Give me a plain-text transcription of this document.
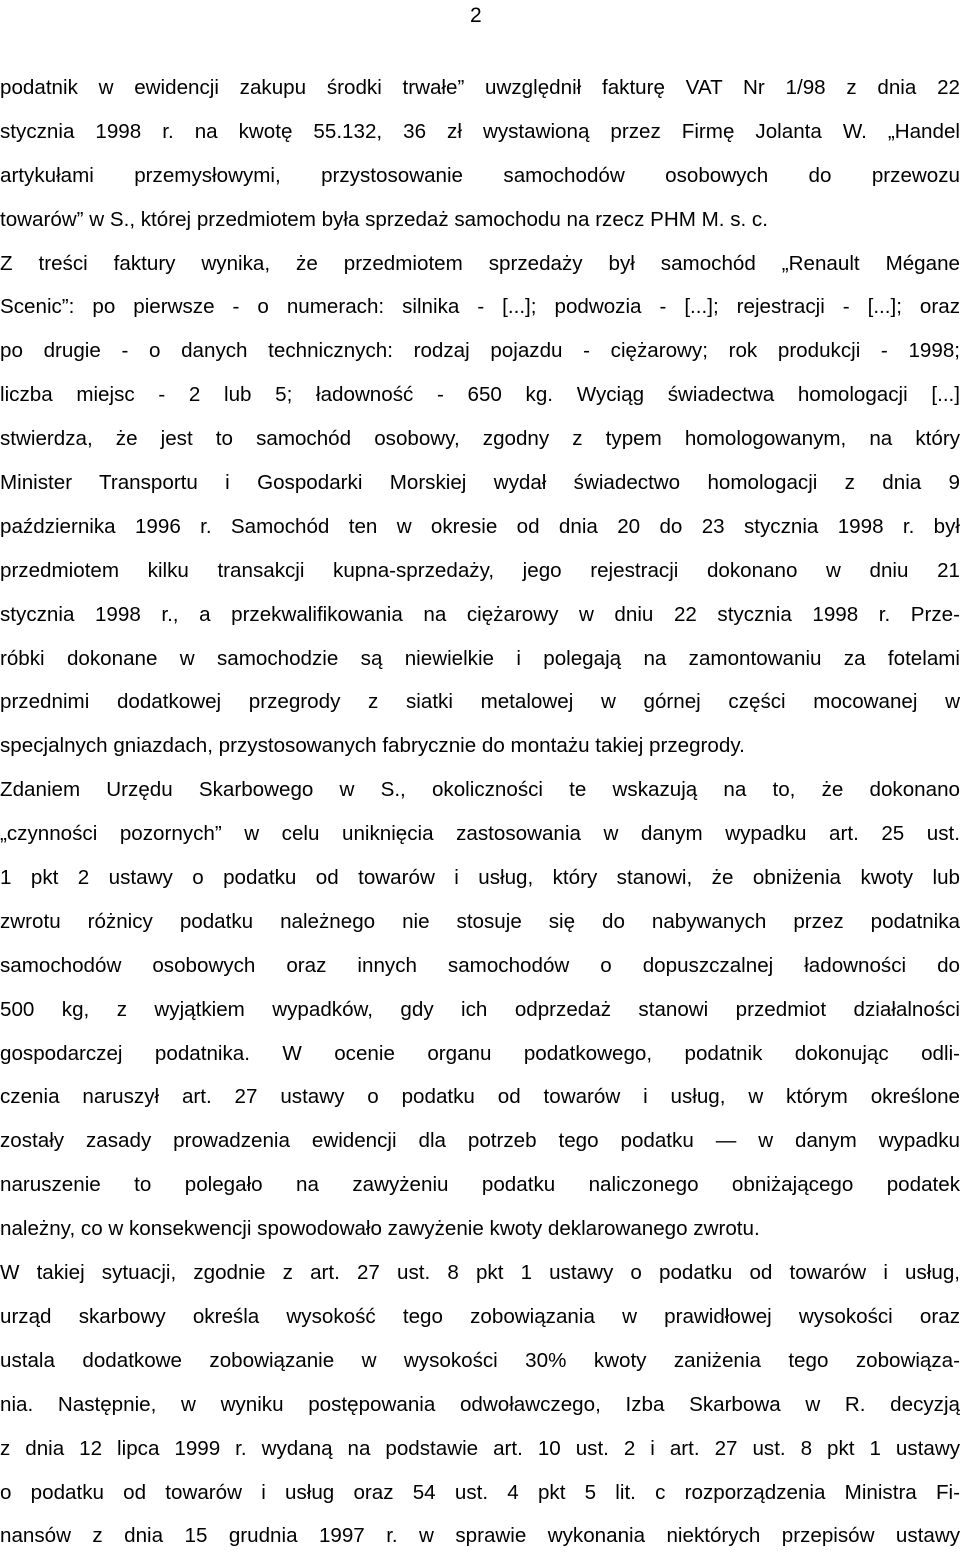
2
podatnik w ewidencji zakupu środki trwałe” uwzględnił fakturę VAT Nr 1/98 z dnia 22
stycznia 1998 r. na kwotę 55.132, 36 zł wystawioną przez Firmę Jolanta W. „Handel
artykułami przemysłowymi, przystosowanie samochodów osobowych do przewozu
towarów” w S., której przedmiotem była sprzedaż samochodu na rzecz PHM M. s. c.
Z treści faktury wynika, że przedmiotem sprzedaży był samochód „Renault Mégane
Scenic”: po pierwsze - o numerach: silnika - [...]; podwozia - [...]; rejestracji - [...]; oraz
po drugie - o danych technicznych: rodzaj pojazdu - ciężarowy; rok produkcji - 1998;
liczba miejsc - 2 lub 5; ładowność - 650 kg. Wyciąg świadectwa homologacji [...]
stwierdza, że jest to samochód osobowy, zgodny z typem homologowanym, na który
Minister Transportu i Gospodarki Morskiej wydał świadectwo homologacji z dnia 9
października 1996 r. Samochód ten w okresie od dnia 20 do 23 stycznia 1998 r. był
przedmiotem kilku transakcji kupna-sprzedaży, jego rejestracji dokonano w dniu 21
stycznia 1998 r., a przekwalifikowania na ciężarowy w dniu 22 stycznia 1998 r. Prze-
róbki dokonane w samochodzie są niewielkie i polegają na zamontowaniu za fotelami
przednimi dodatkowej przegrody z siatki metalowej w górnej części mocowanej w
specjalnych gniazdach, przystosowanych fabrycznie do montażu takiej przegrody.
Zdaniem Urzędu Skarbowego w S., okoliczności te wskazują na to, że dokonano
„czynności pozornych” w celu uniknięcia zastosowania w danym wypadku art. 25 ust.
1 pkt 2 ustawy o podatku od towarów i usług, który stanowi, że obniżenia kwoty lub
zwrotu różnicy podatku należnego nie stosuje się do nabywanych przez podatnika
samochodów osobowych oraz innych samochodów o dopuszczalnej ładowności do
500 kg, z wyjątkiem wypadków, gdy ich odprzedaż stanowi przedmiot działalności
gospodarczej podatnika. W ocenie organu podatkowego, podatnik dokonując odli-
czenia naruszył art. 27 ustawy o podatku od towarów i usług, w którym określone
zostały zasady prowadzenia ewidencji dla potrzeb tego podatku — w danym wypadku
naruszenie to polegało na zawyżeniu podatku naliczonego obniżającego podatek
należny, co w konsekwencji spowodowało zawyżenie kwoty deklarowanego zwrotu.
W takiej sytuacji, zgodnie z art. 27 ust. 8 pkt 1 ustawy o podatku od towarów i usług,
urząd skarbowy określa wysokość tego zobowiązania w prawidłowej wysokości oraz
ustala dodatkowe zobowiązanie w wysokości 30% kwoty zaniżenia tego zobowiąza-
nia. Następnie, w wyniku postępowania odwoławczego, Izba Skarbowa w R. decyzją
z dnia 12 lipca 1999 r. wydaną na podstawie art. 10 ust. 2 i art. 27 ust. 8 pkt 1 ustawy
o podatku od towarów i usług oraz 54 ust. 4 pkt 5 lit. c rozporządzenia Ministra Fi-
nansów z dnia 15 grudnia 1997 r. w sprawie wykonania niektórych przepisów ustawy
